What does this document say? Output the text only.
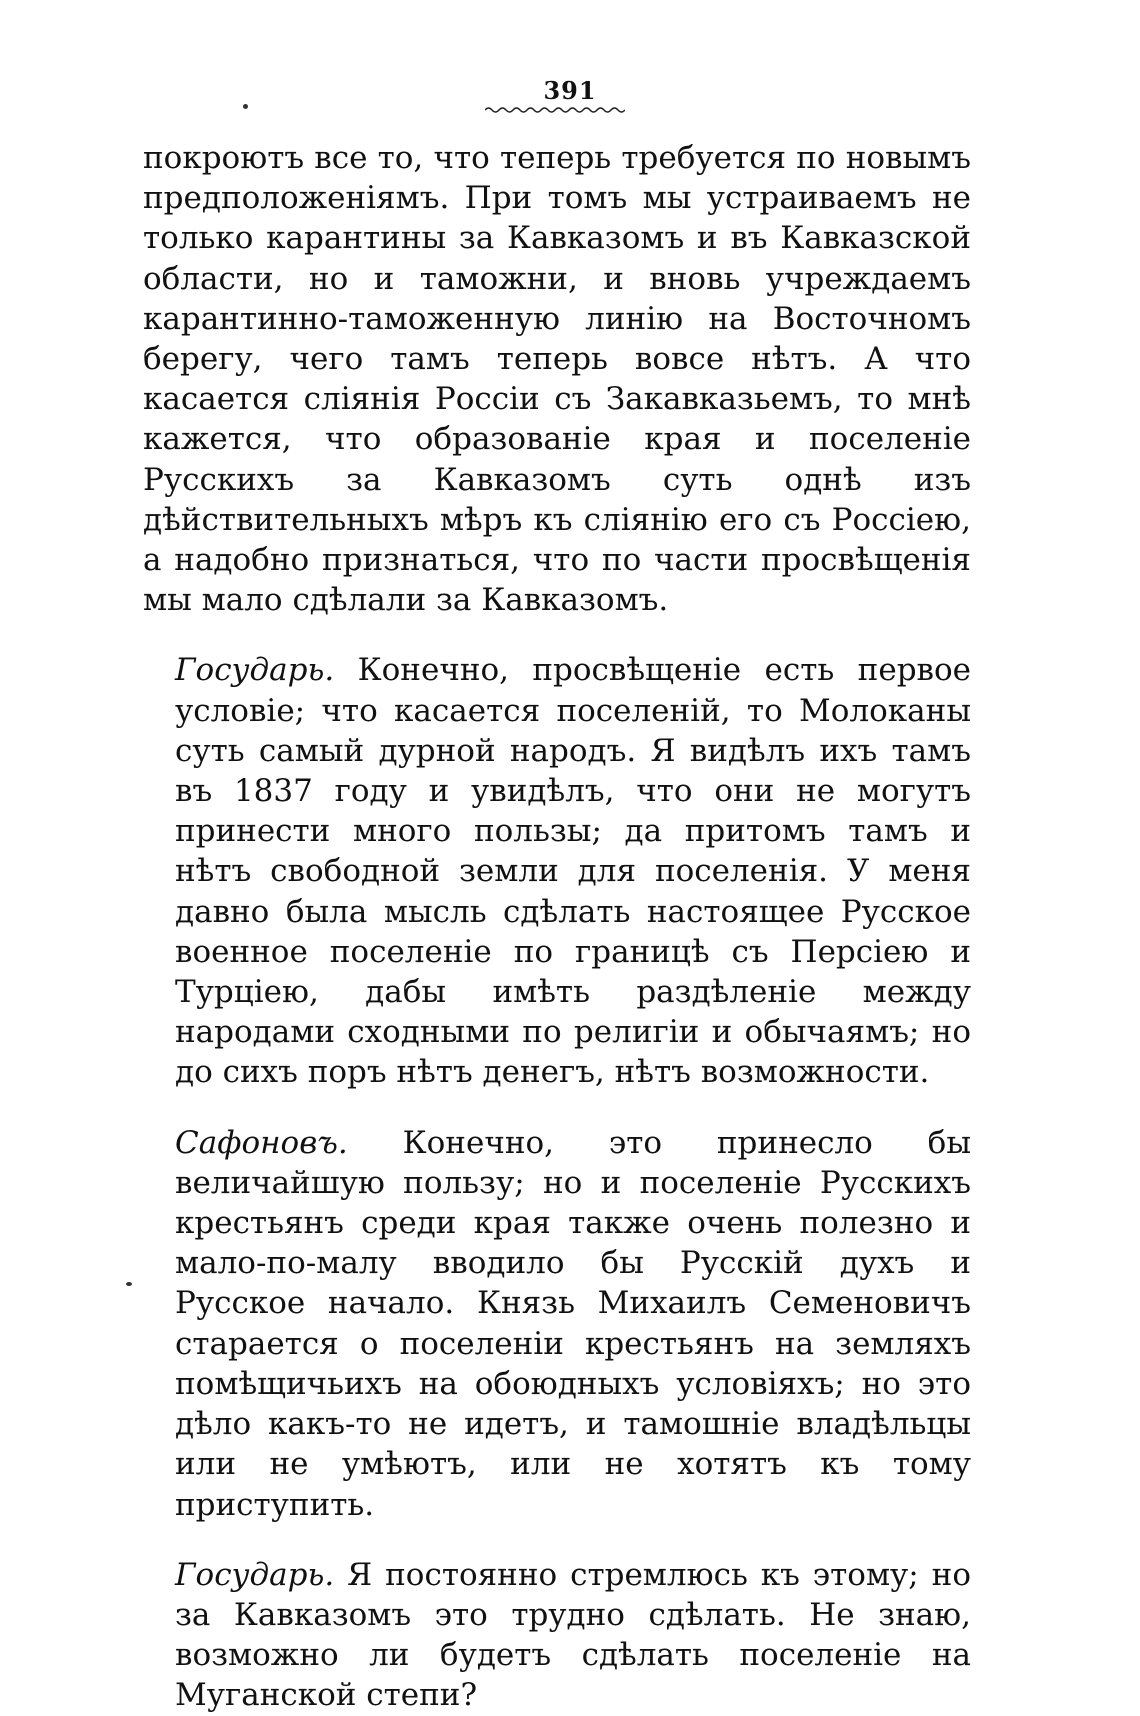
391

покроютъ все то, что теперь требуется по новымъ предположеніямъ. При томъ мы устраиваемъ не только карантины за Кавказомъ и въ Кавказской области, но и таможни, и вновь учреждаемъ карантинно-таможенную линію на Восточномъ берегу, чего тамъ теперь вовсе нѣтъ. А что касается слiянiя Россiи съ Закавказьемъ, то мнѣ кажется, что образованіе края и поселеніе Русскихъ за Кавказомъ суть однѣ изъ дѣйствительныхъ мѣръ къ слiянiю его съ Россіею, а надобно признаться, что по части просвѣщенія мы мало сдѣлали за Кавказомъ.

Государь. Конечно, просвѣщеніе есть первое условіе; что касается поселеній, то Молоканы суть самый дурной народъ. Я видѣлъ ихъ тамъ въ 1837 году и увидѣлъ, что они не могутъ принести много пользы; да притомъ тамъ и нѣтъ свободной земли для поселенія. У меня давно была мысль сдѣлать настоящее Русское военное поселеніе по границѣ съ Персіею и Турціею, дабы имѣть раздѣленіе между народами сходными по религіи и обычаямъ; но до сихъ поръ нѣтъ денегъ, нѣтъ возможности.

Сафоновъ. Конечно, это принесло бы величайшую пользу; но и поселеніе Русскихъ крестьянъ среди края также очень полезно и мало-по-малу вводило бы Русскій духъ и Русское начало. Князь Михаилъ Семеновичъ старается о поселеніи крестьянъ на земляхъ помѣщичьихъ на обоюдныхъ условіяхъ; но это дѣло какъ-то не идетъ, и тамошніе владѣльцы или не умѣютъ, или не хотятъ къ тому приступить.

Государь. Я постоянно стремлюсь къ этому; но за Кавказомъ это трудно сдѣлать. Не знаю, возможно ли будетъ сдѣлать поселеніе на Муганской степи?
